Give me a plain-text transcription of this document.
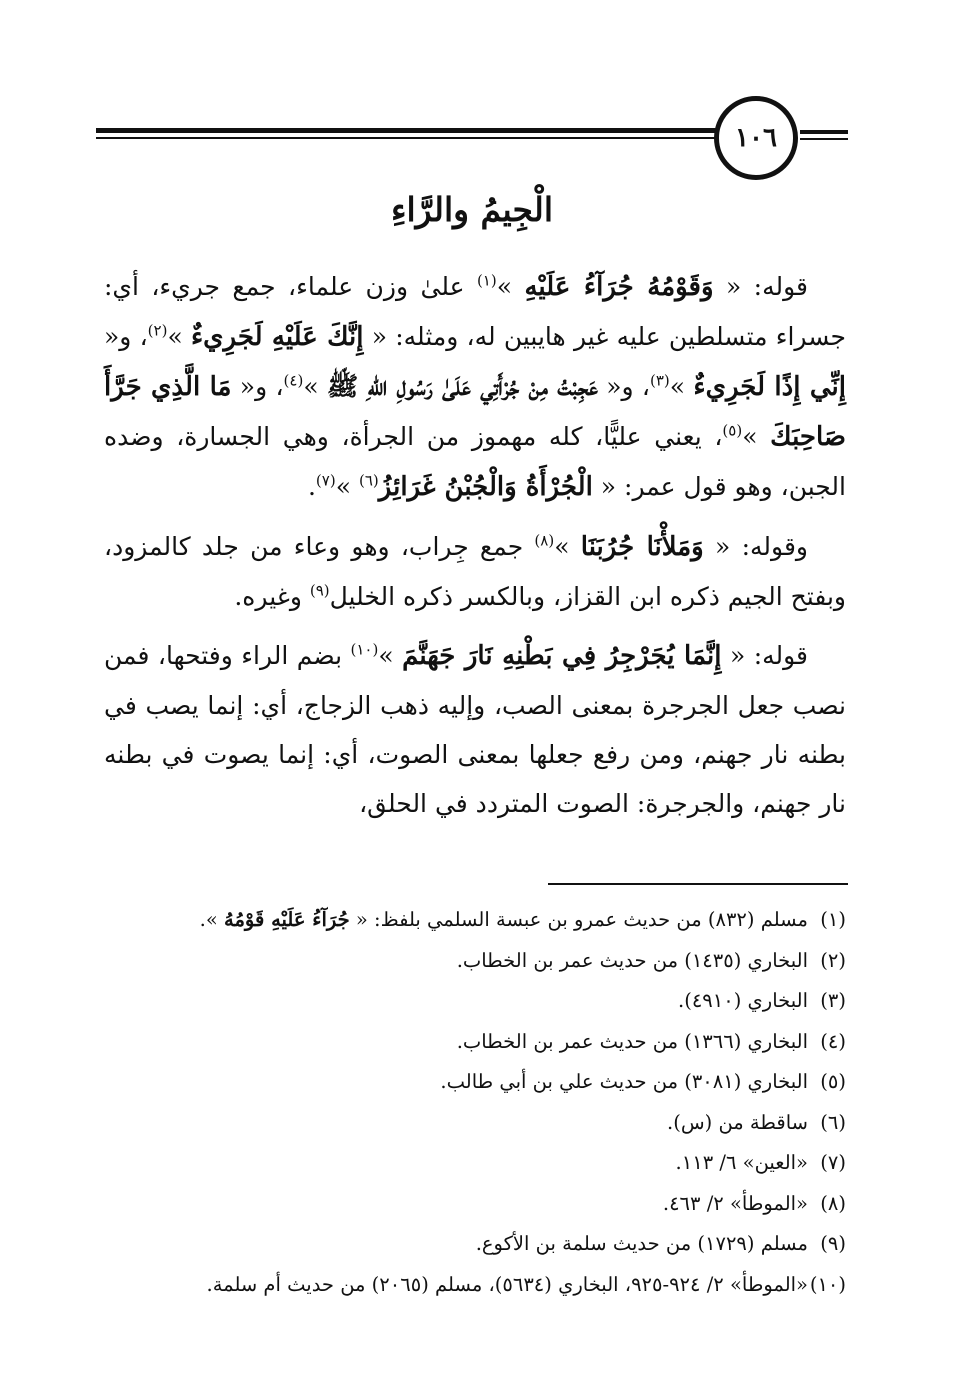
١٠٦
الْجِيمُ والرَّاءِ

قوله: « وَقَوْمُهُ جُرَآءُ عَلَيْهِ »$^{(١)}$ علىٰ وزن علماء، جمع جريء، أي: جسراء متسلطين عليه غير هايبين له، ومثله: « إِنَّكَ عَلَيْهِ لَجَرِيءٌ »$^{(٢)}$، و« إِنِّي إِذًا لَجَرِيءٌ »$^{(٣)}$، و« عَجِبْتُ مِنْ جُرْأَتِي عَلَىٰ رَسُولِ اللهِ ﷺ »$^{(٤)}$، و« مَا الَّذِي جَرَّأَ صَاحِبَكَ »$^{(٥)}$، يعني عليًّا، كله مهموز من الجرأة، وهي الجسارة، وضده الجبن، وهو قول عمر: « الْجُرْأَةُ وَالْجُبْنُ غَرَائِزُ$^{(٦)}$ »$^{(٧)}$.

وقوله: « وَمَلأْنَا جُرُبَنَا »$^{(٨)}$ جمع جِراب، وهو وعاء من جلد كالمزود، وبفتح الجيم ذكره ابن القزاز، وبالكسر ذكره الخليل$^{(٩)}$ وغيره.

قوله: « إِنَّمَا يُجَرْجِرُ فِي بَطْنِهِ نَارَ جَهَنَّمَ »$^{(١٠)}$ بضم الراء وفتحها، فمن نصب جعل الجرجرة بمعنى الصب، وإليه ذهب الزجاج، أي: إنما يصب في بطنه نار جهنم، ومن رفع جعلها بمعنى الصوت، أي: إنما يصوت في بطنه نار جهنم، والجرجرة: الصوت المتردد في الحلق،

(١)مسلم (٨٣٢) من حديث عمرو بن عبسة السلمي بلفظ: « جُرَآءُ عَلَيْهِ قَوْمُهُ ».
(٢)البخاري (١٤٣٥) من حديث عمر بن الخطاب.
(٣)البخاري (٤٩١٠).
(٤)البخاري (١٣٦٦) من حديث عمر بن الخطاب.
(٥)البخاري (٣٠٨١) من حديث علي بن أبي طالب.
(٦)ساقطة من (س).
(٧)«العين» ٦/ ١١٣.
(٨)«الموطأ» ٢/ ٤٦٣.
(٩)مسلم (١٧٢٩) من حديث سلمة بن الأكوع.
(١٠)«الموطأ» ٢/ ٩٢٤-٩٢٥، البخاري (٥٦٣٤)، مسلم (٢٠٦٥) من حديث أم سلمة.
